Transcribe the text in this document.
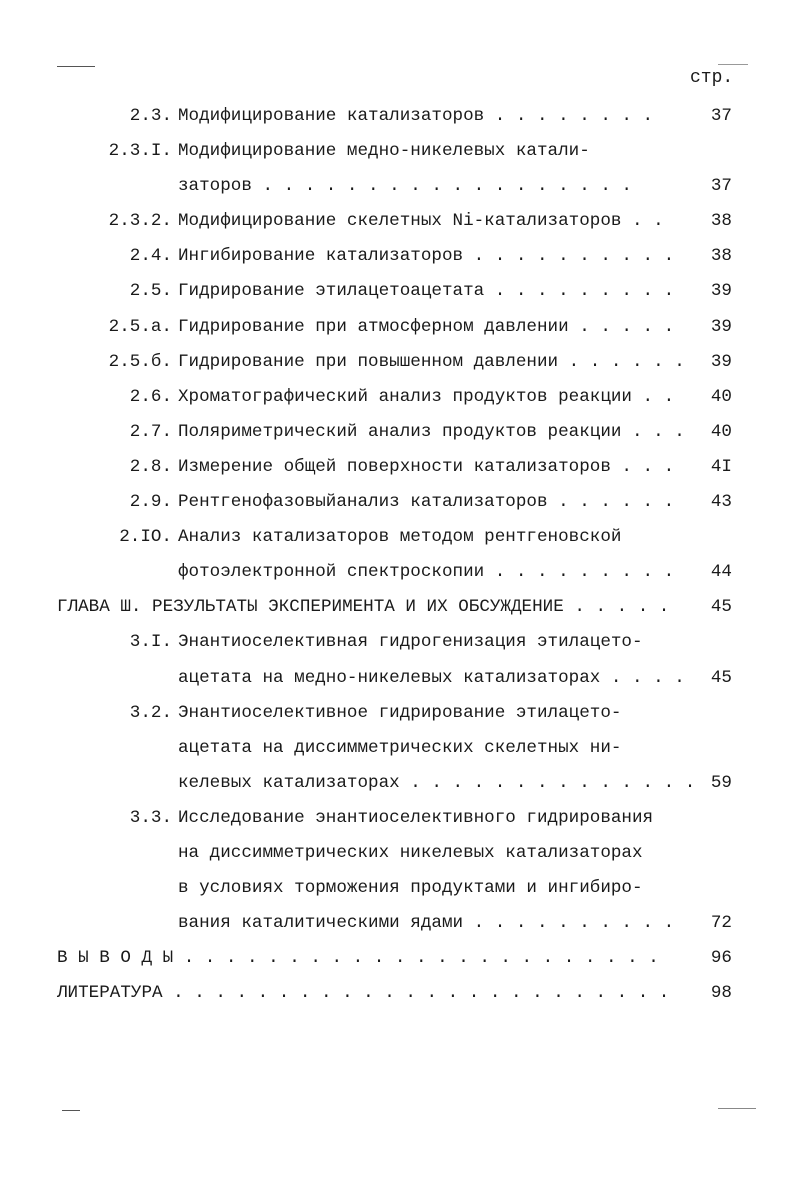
стр.
2.3. Модифицирование катализаторов . . . . . . . .	37
2.3.I. Модифицирование медно-никелевых катали-
заторов . . . . . . . . . . . . . . . . . .	37
2.3.2. Модифицирование скелетных Ni-катализаторов . .	38
2.4. Ингибирование катализаторов . . . . . . . . . . 38
2.5. Гидрирование этилацетоацетата . . . . . . . . . 39
2.5.а. Гидрирование при атмосферном давлении . . . . . 39
2.5.б. Гидрирование при повышенном давлении . . . . . . 39
2.6. Хроматографический анализ продуктов реакции . . 40
2.7. Поляриметрический анализ продуктов реакции . . . 40
2.8. Измерение общей поверхности катализаторов . . . 4I
2.9. Рентгенофазовыйанализ катализаторов . . . . . . 43
2.IO. Анализ катализаторов методом рентгеновской
фотоэлектронной спектроскопии . . . . . . . . . 44
ГЛАВА Ш. РЕЗУЛЬТАТЫ ЭКСПЕРИМЕНТА И ИХ ОБСУЖДЕНИЕ . . . . . 45
3.I. Энантиоселективная гидрогенизация этилацето-
ацетата на медно-никелевых катализаторах . . . . 45
3.2. Энантиоселективное гидрирование этилацето-
ацетата на диссимметрических скелетных ни-
келевых катализаторах . . . . . . . . . . . . . . 59
3.3. Исследование энантиоселективного гидрирования
на диссимметрических никелевых катализаторах
в условиях торможения продуктами и ингибиро-
вания каталитическими ядами . . . . . . . . . . 72
В Ы В О Д Ы . . . . . . . . . . . . . . . . . . . . . . .	96
ЛИТЕРАТУРА . . . . . . . . . . . . . . . . . . . . . . . . 98
